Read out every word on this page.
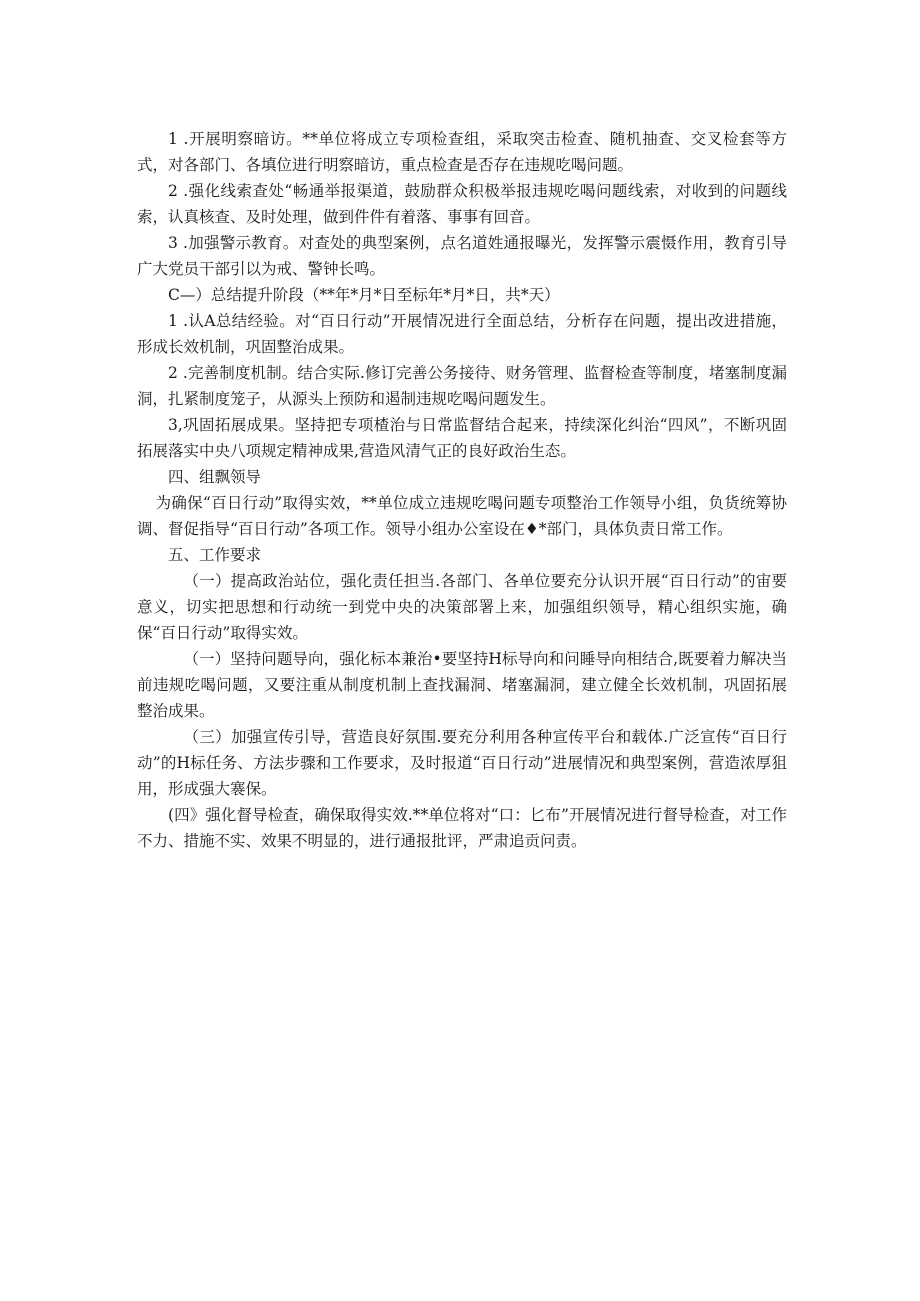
1 .开展明察暗访。**单位将成立专项检查组，采取突击检查、随机抽查、交叉检套等方式，对各部门、各填位进行明察暗访，重点检查是否存在违规吃喝问题。

2 .强化线索查处“畅通举报渠道，鼓励群众积极举报违规吃喝问题线索，对收到的问题线索，认真核查、及时处理，做到件件有着落、事事有回音。

3 .加强警示教育。对查处的典型案例，点名道姓通报曝光，发挥警示震慑作用，教育引导广大党员干部引以为戒、警钟长鸣。

C—）总结提升阶段（**年*月*日至标年*月*日，共*天）

1 .认A总结经验。对“百日行动”开展情况进行全面总结，分析存在问题，提出改进措施，形成长效机制，巩固整治成果。

2 .完善制度机制。结合实际.修订完善公务接待、财务管理、监督检查等制度，堵塞制度漏洞，扎紧制度笼子，从源头上预防和遏制违规吃喝问题发生。

3,巩固拓展成果。坚持把专项楂治与日常监督结合起来，持续深化纠治“四风”，不断巩固拓展落实中央八项规定精神成果,营造风清气正的良好政治生态。

四、组飘领导

为确保“百日行动”取得实效，**单位成立违规吃喝问题专项整治工作领导小组，负货统筹协调、督促指导“百日行动”各项工作。领导小组办公室设在♦*部门，具体负责日常工作。

五、工作要求

（一）提高政治站位，强化责任担当.各部门、各单位要充分认识开展“百日行动”的宙要意义，切实把思想和行动统一到党中央的决策部署上来，加强组织领导，精心组织实施，确保“百日行动”取得实效。

（一）坚持问题导向，强化标本兼治•要坚持H标导向和问睡导向相结合,既要着力解决当前违规吃喝问题，又要注重从制度机制上查找漏洞、堵塞漏洞，建立健全长效机制，巩固拓展整治成果。

（三）加强宣传引导，营造良好氛围.要充分利用各种宣传平台和载体.广泛宣传“百日行动”的H标任务、方法步骤和工作要求，及时报道“百日行动”进展情况和典型案例，营造浓厚狙用，形成强大褰保。

(四》强化督导检查，确保取得实效.**单位将对“口：匕布”开展情况进行督导检查，对工作不力、措施不实、效果不明显的，进行通报批评，严肃追贡问责。
